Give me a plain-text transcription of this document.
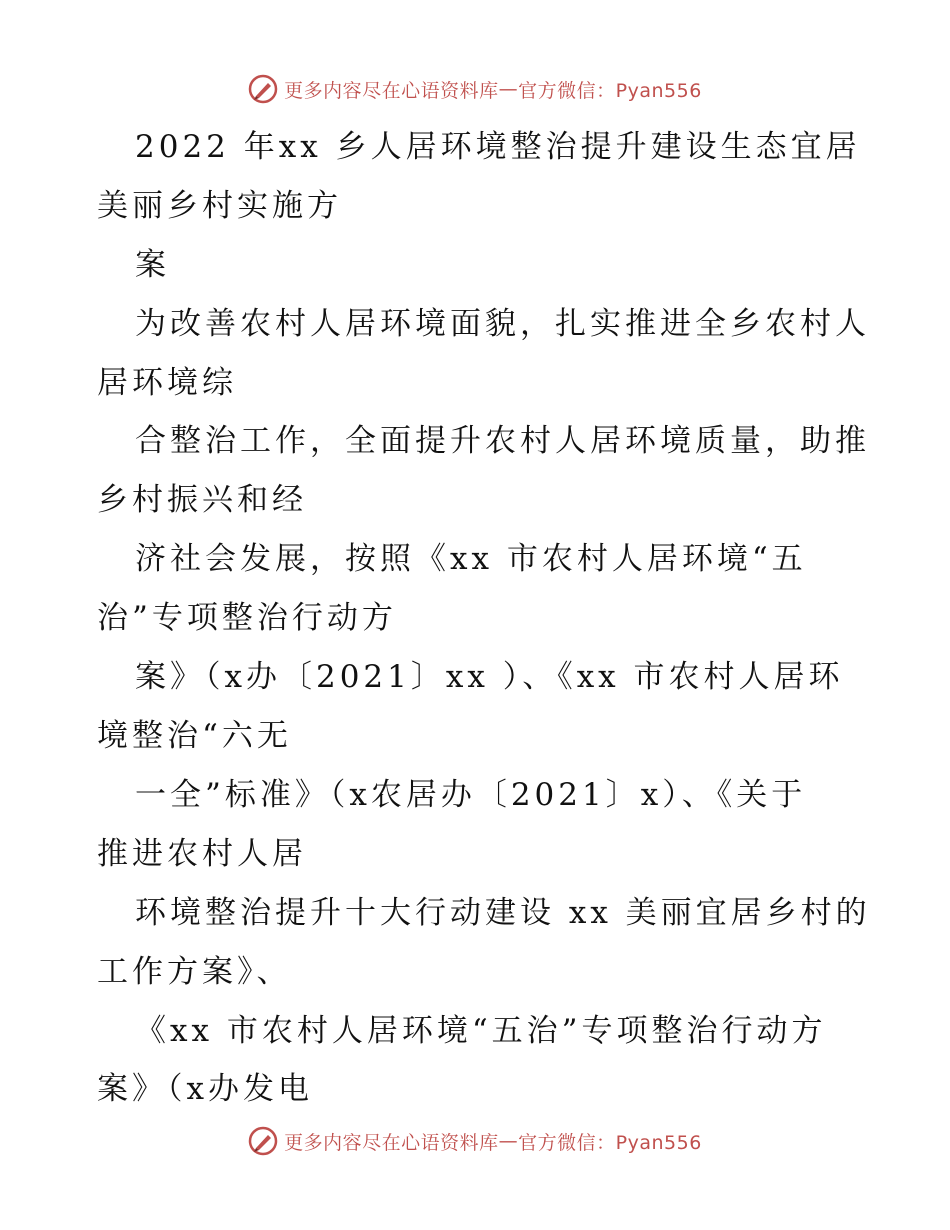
更多内容尽在心语资料库 — 官方微信：Pyan556
2022 年xx 乡人居环境整治提升建设生态宜居
美丽乡村实施方
案
为改善农村人居环境面貌，扎实推进全乡农村人
居环境综
合整治工作，全面提升农村人居环境质量，助推
乡村振兴和经
济社会发展，按照《xx 市农村人居环境“五
治”专项整治行动方
案》（x办〔2021〕xx ）、《xx 市农村人居环
境整治“六无
一全”标准》（x农居办〔2021〕x）、《关于
推进农村人居
环境整治提升十大行动建设 xx 美丽宜居乡村的
工作方案》、
《xx 市农村人居环境“五治”专项整治行动方
案》（x办发电
更多内容尽在心语资料库 — 官方微信：Pyan556
